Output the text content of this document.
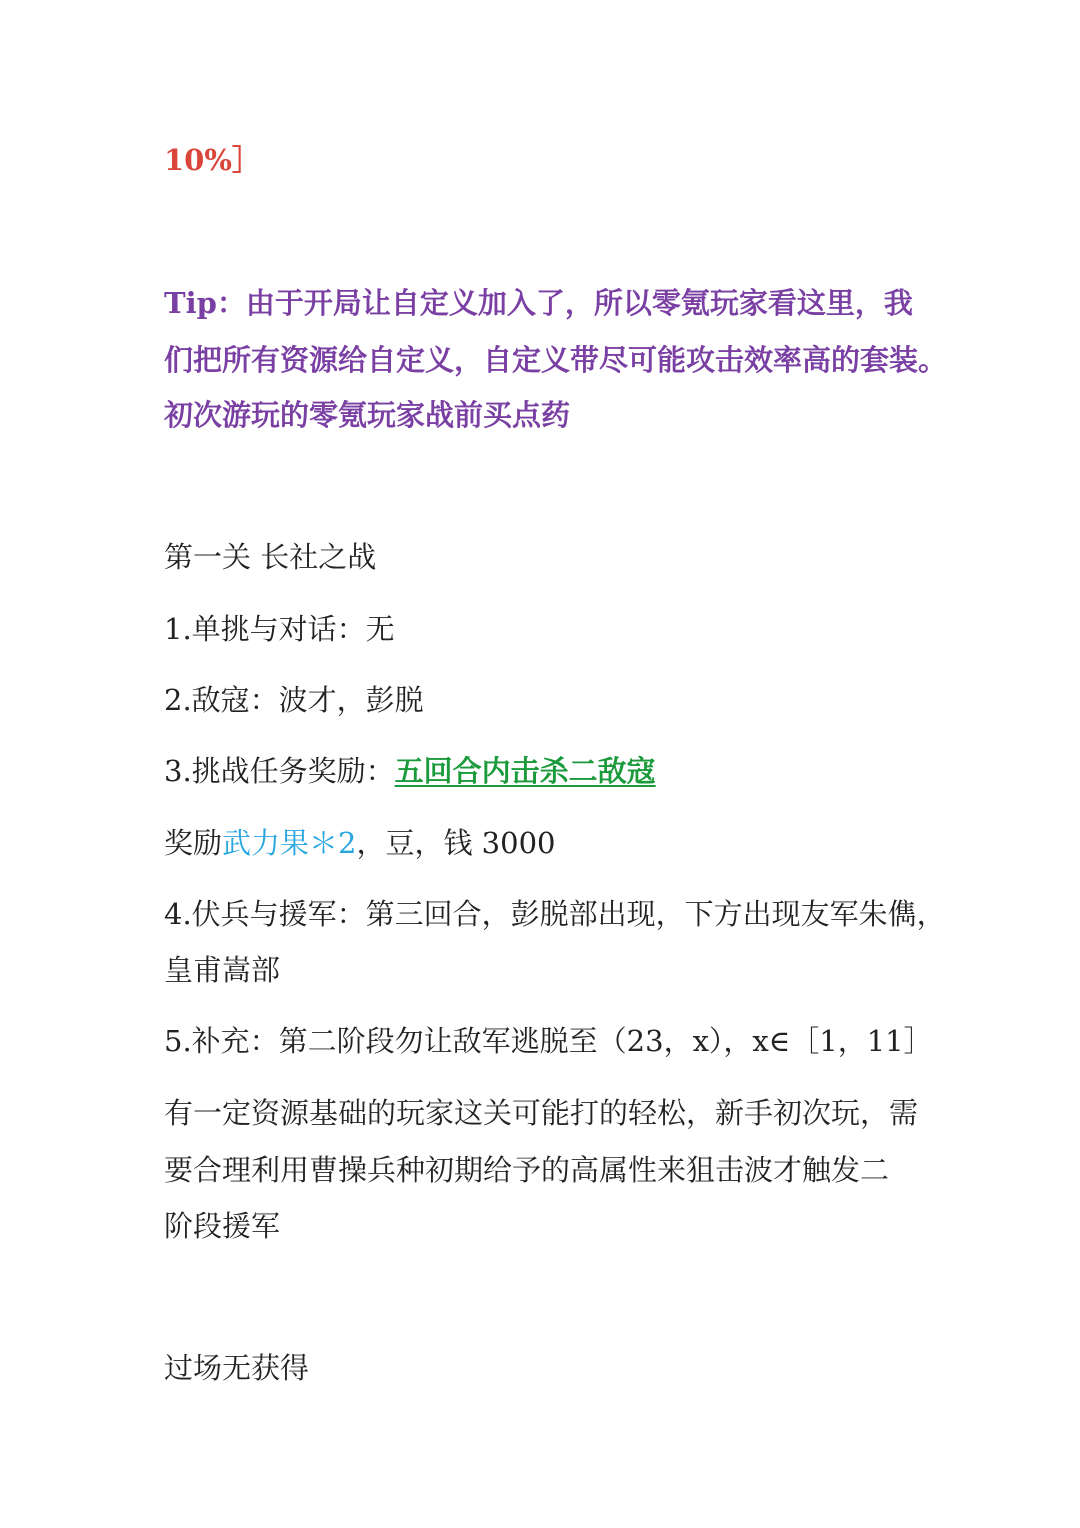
10%］
Tip：由于开局让自定义加入了，所以零氪玩家看这里，我
们把所有资源给自定义，自定义带尽可能攻击效率高的套装。
初次游玩的零氪玩家战前买点药
第一关 长社之战
1.单挑与对话：无
2.敌寇：波才，彭脱
3.挑战任务奖励：五回合内击杀二敌寇
奖励武力果＊2，豆，钱 3000
4.伏兵与援军：第三回合，彭脱部出现，下方出现友军朱儁，
皇甫嵩部
5.补充：第二阶段勿让敌军逃脱至（23，x），x∈［1，11］
有一定资源基础的玩家这关可能打的轻松，新手初次玩，需
要合理利用曹操兵种初期给予的高属性来狙击波才触发二
阶段援军
过场无获得
